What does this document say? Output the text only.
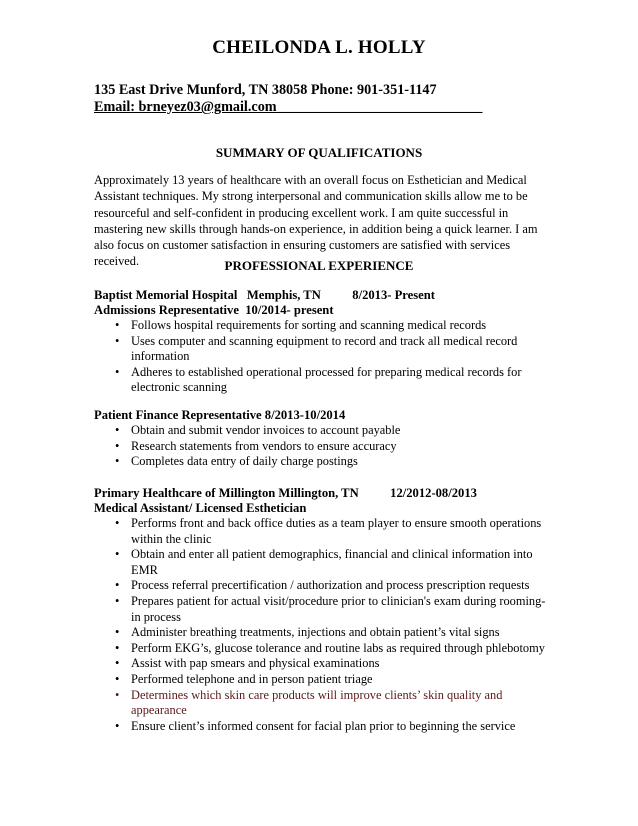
CHEILONDA L. HOLLY
135 East Drive Munford, TN 38058 Phone: 901-351-1147
Email: brneyez03@gmail.com_____________________________
SUMMARY OF QUALIFICATIONS
Approximately 13 years of healthcare with an overall focus on Esthetician and Medical Assistant techniques. My strong interpersonal and communication skills allow me to be resourceful and self-confident in producing excellent work. I am quite successful in mastering new skills through hands-on experience, in addition being a quick learner. I am also focus on customer satisfaction in ensuring customers are satisfied with services received.	PROFESSIONAL EXPERIENCE
Baptist Memorial Hospital   Memphis, TN          8/2013- Present
Admissions Representative  10/2014- present
• Follows hospital requirements for sorting and scanning medical records
• Uses computer and scanning equipment to record and track all medical record information
• Adheres to established operational processed for preparing medical records for electronic scanning
Patient Finance Representative 8/2013-10/2014
• Obtain and submit vendor invoices to account payable
• Research statements from vendors to ensure accuracy
• Completes data entry of daily charge postings
Primary Healthcare of Millington Millington, TN          12/2012-08/2013
Medical Assistant/ Licensed Esthetician
• Performs front and back office duties as a team player to ensure smooth operations within the clinic
• Obtain and enter all patient demographics, financial and clinical information into EMR
• Process referral precertification / authorization and process prescription requests
• Prepares patient for actual visit/procedure prior to clinician's exam during rooming-in process
• Administer breathing treatments, injections and obtain patient’s vital signs
• Perform EKG’s, glucose tolerance and routine labs as required through phlebotomy
• Assist with pap smears and physical examinations
• Performed telephone and in person patient triage
• Determines which skin care products will improve clients’ skin quality and appearance
• Ensure client’s informed consent for facial plan prior to beginning the service
